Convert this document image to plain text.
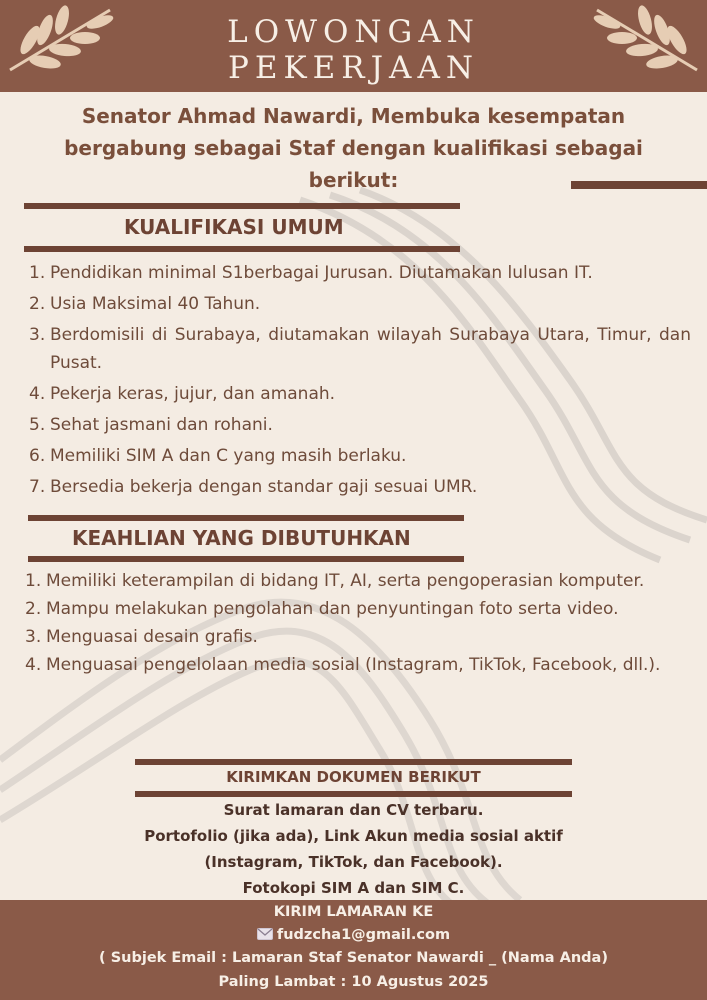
LOWONGAN
PEKERJAAN
Senator Ahmad Nawardi, Membuka kesempatan
bergabung sebagai Staf dengan kualifikasi sebagai
berikut:
KUALIFIKASI UMUM
1. Pendidikan minimal S1berbagai Jurusan. Diutamakan lulusan IT.
2. Usia Maksimal 40 Tahun.
3. Berdomisili di Surabaya, diutamakan wilayah Surabaya Utara, Timur, dan Pusat.
4. Pekerja keras, jujur, dan amanah.
5. Sehat jasmani dan rohani.
6. Memiliki SIM A dan C yang masih berlaku.
7. Bersedia bekerja dengan standar gaji sesuai UMR.
KEAHLIAN YANG DIBUTUHKAN
1. Memiliki keterampilan di bidang IT, AI, serta pengoperasian komputer.
2. Mampu melakukan pengolahan dan penyuntingan foto serta video.
3. Menguasai desain grafis.
4. Menguasai pengelolaan media sosial (Instagram, TikTok, Facebook, dll.).
KIRIMKAN DOKUMEN BERIKUT
Surat lamaran dan CV terbaru.
Portofolio (jika ada), Link Akun media sosial aktif
(Instagram, TikTok, dan Facebook).
Fotokopi SIM A dan SIM C.
KIRIM LAMARAN KE
fudzcha1@gmail.com
( Subjek Email : Lamaran Staf Senator Nawardi _ (Nama Anda)
Paling Lambat : 10 Agustus 2025
